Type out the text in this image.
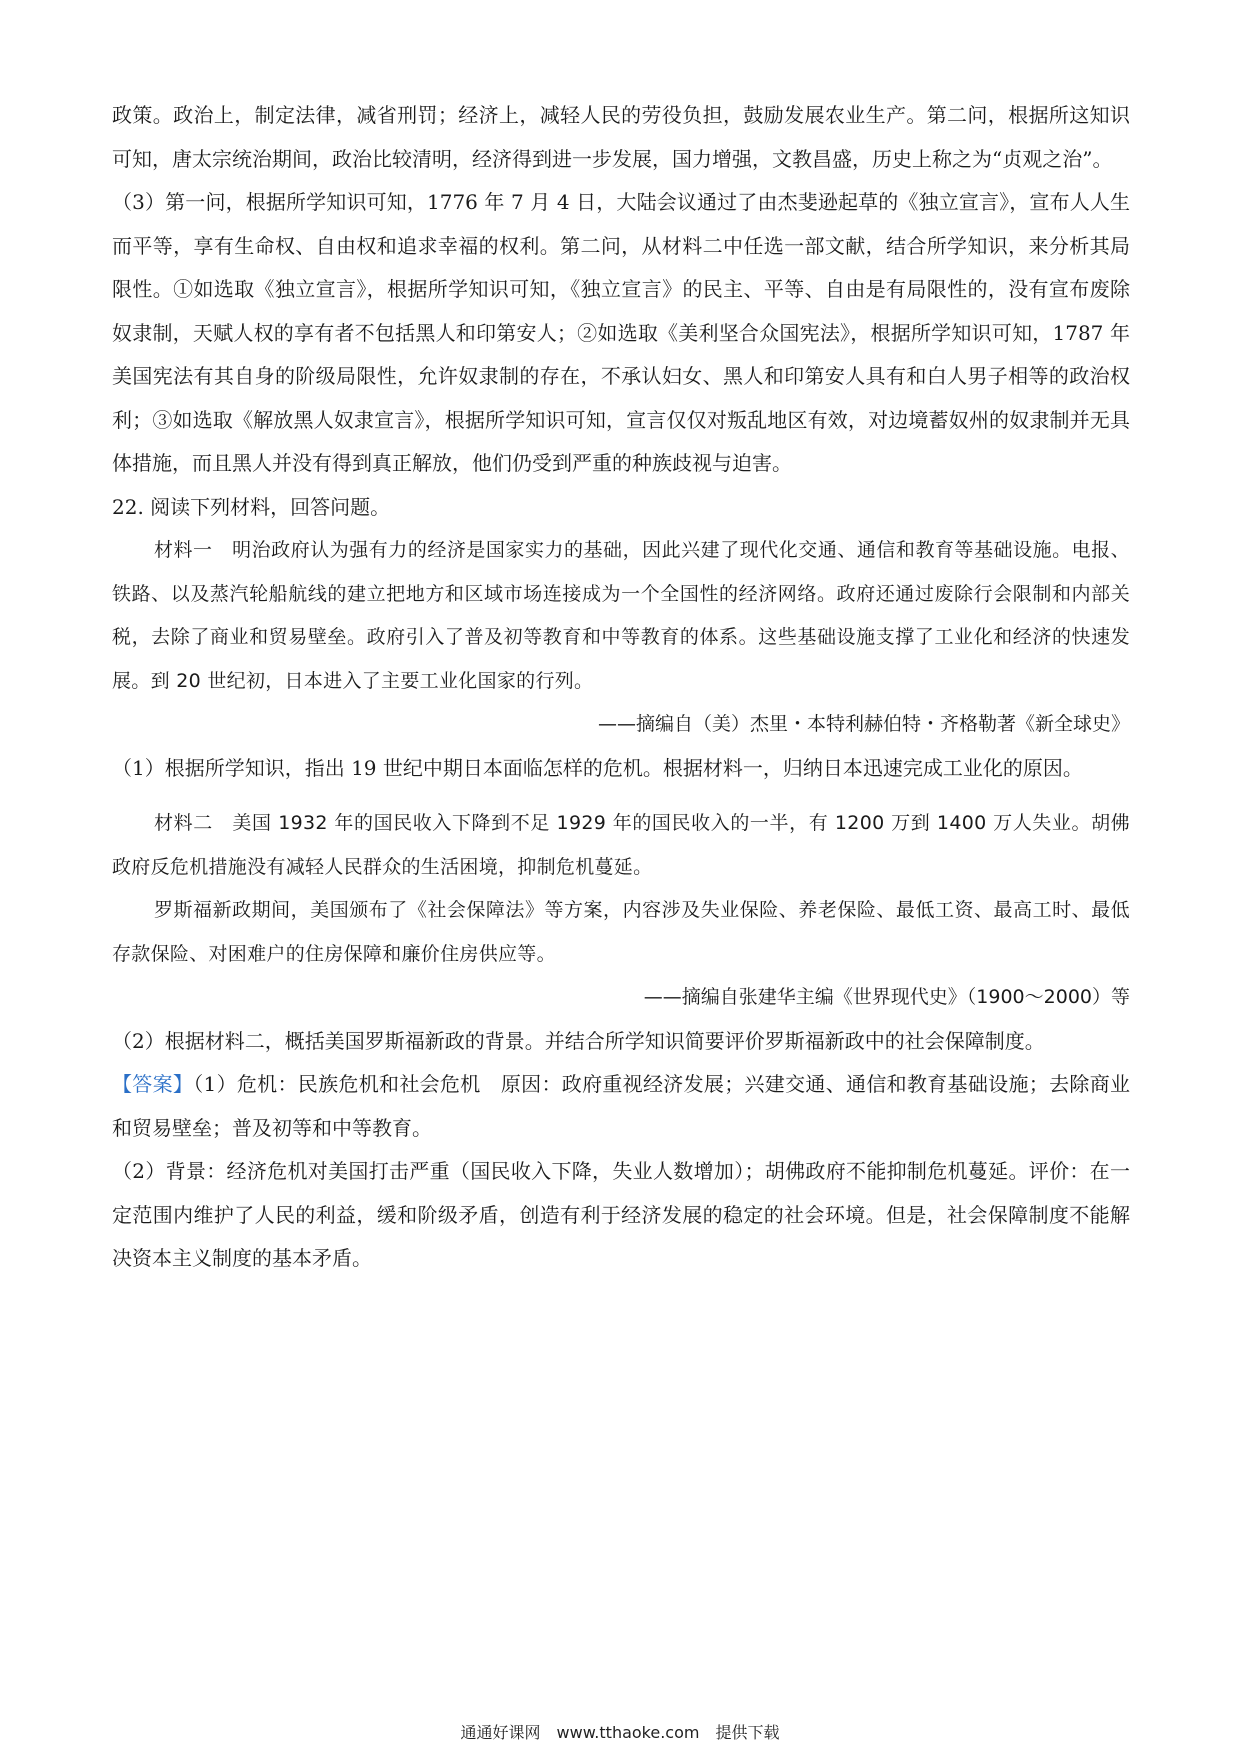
政策。政治上，制定法律，减省刑罚；经济上，减轻人民的劳役负担，鼓励发展农业生产。第二问，根据所这知识可知，唐太宗统治期间，政治比较清明，经济得到进一步发展，国力增强，文教昌盛，历史上称之为“贞观之治”。

（3）第一问，根据所学知识可知，1776 年 7 月 4 日，大陆会议通过了由杰斐逊起草的《独立宣言》，宣布人人生而平等，享有生命权、自由权和追求幸福的权利。第二问，从材料二中任选一部文献，结合所学知识，来分析其局限性。①如选取《独立宣言》，根据所学知识可知，《独立宣言》的民主、平等、自由是有局限性的，没有宣布废除奴隶制，天赋人权的享有者不包括黑人和印第安人；②如选取《美利坚合众国宪法》，根据所学知识可知，1787 年美国宪法有其自身的阶级局限性，允许奴隶制的存在，不承认妇女、黑人和印第安人具有和白人男子相等的政治权利；③如选取《解放黑人奴隶宣言》，根据所学知识可知，宣言仅仅对叛乱地区有效，对边境蓄奴州的奴隶制并无具体措施，而且黑人并没有得到真正解放，他们仍受到严重的种族歧视与迫害。

22. 阅读下列材料，回答问题。

材料一　明治政府认为强有力的经济是国家实力的基础，因此兴建了现代化交通、通信和教育等基础设施。电报、铁路、以及蒸汽轮船航线的建立把地方和区域市场连接成为一个全国性的经济网络。政府还通过废除行会限制和内部关税，去除了商业和贸易壁垒。政府引入了普及初等教育和中等教育的体系。这些基础设施支撑了工业化和经济的快速发展。到 20 世纪初，日本进入了主要工业化国家的行列。

——摘编自（美）杰里・本特利赫伯特・齐格勒著《新全球史》

（1）根据所学知识，指出 19 世纪中期日本面临怎样的危机。根据材料一，归纳日本迅速完成工业化的原因。

材料二　美国 1932 年的国民收入下降到不足 1929 年的国民收入的一半，有 1200 万到 1400 万人失业。胡佛政府反危机措施没有减轻人民群众的生活困境，抑制危机蔓延。

罗斯福新政期间，美国颁布了《社会保障法》等方案，内容涉及失业保险、养老保险、最低工资、最高工时、最低存款保险、对困难户的住房保障和廉价住房供应等。

——摘编自张建华主编《世界现代史》（1900～2000）等

（2）根据材料二，概括美国罗斯福新政的背景。并结合所学知识简要评价罗斯福新政中的社会保障制度。

【答案】（1）危机：民族危机和社会危机　原因：政府重视经济发展；兴建交通、通信和教育基础设施；去除商业和贸易壁垒；普及初等和中等教育。

（2）背景：经济危机对美国打击严重（国民收入下降，失业人数增加）；胡佛政府不能抑制危机蔓延。评价：在一定范围内维护了人民的利益，缓和阶级矛盾，创造有利于经济发展的稳定的社会环境。但是，社会保障制度不能解决资本主义制度的基本矛盾。

通通好课网　www.tthaoke.com　提供下载
